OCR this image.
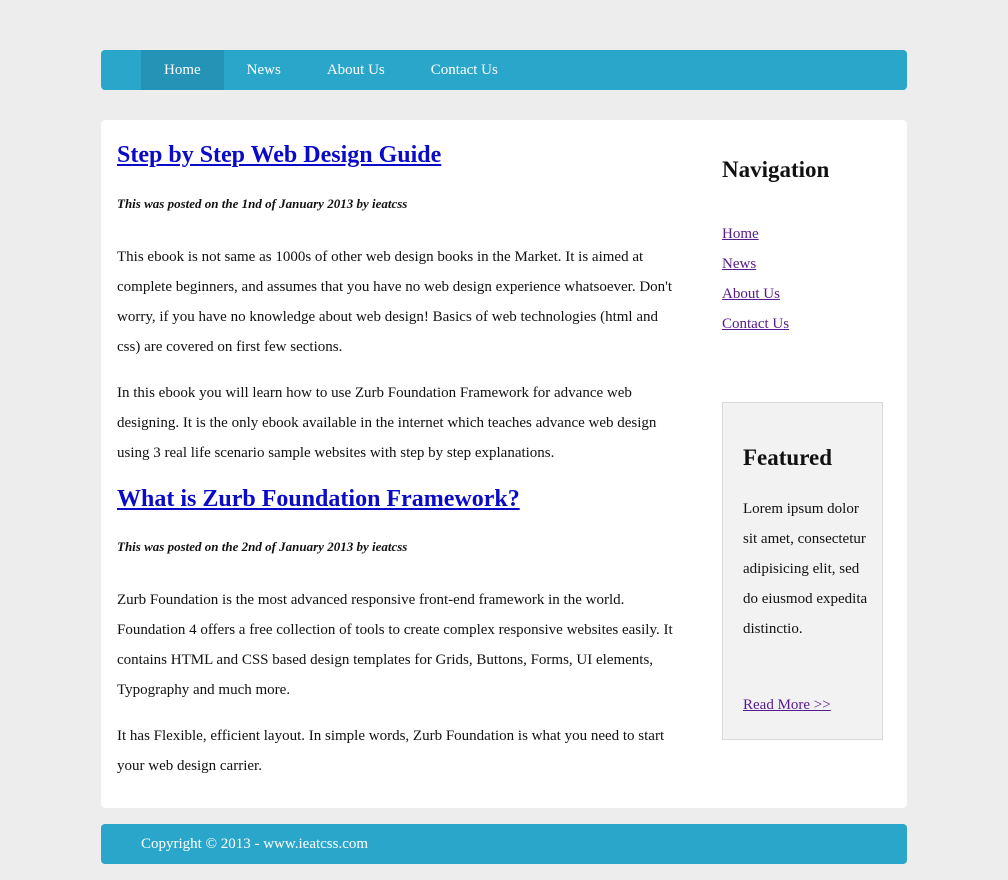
Home	News	About Us	Contact Us
Step by Step Web Design Guide

This was posted on the 1nd of January 2013 by ieatcss

This ebook is not same as 1000s of other web design books in the Market. It is aimed at complete beginners, and assumes that you have no web design experience whatsoever. Don't worry, if you have no knowledge about web design! Basics of web technologies (html and css) are covered on first few sections.

In this ebook you will learn how to use Zurb Foundation Framework for advance web designing. It is the only ebook available in the internet which teaches advance web design using 3 real life scenario sample websites with step by step explanations.

What is Zurb Foundation Framework?

This was posted on the 2nd of January 2013 by ieatcss

Zurb Foundation is the most advanced responsive front-end framework in the world. Foundation 4 offers a free collection of tools to create complex responsive websites easily. It contains HTML and CSS based design templates for Grids, Buttons, Forms, UI elements, Typography and much more.

It has Flexible, efficient layout. In simple words, Zurb Foundation is what you need to start your web design carrier.

Navigation
Home
News
About Us
Contact Us
Featured

Lorem ipsum dolor sit amet, consectetur adipisicing elit, sed do eiusmod expedita distinctio.

Read More >>
Copyright © 2013 - www.ieatcss.com
